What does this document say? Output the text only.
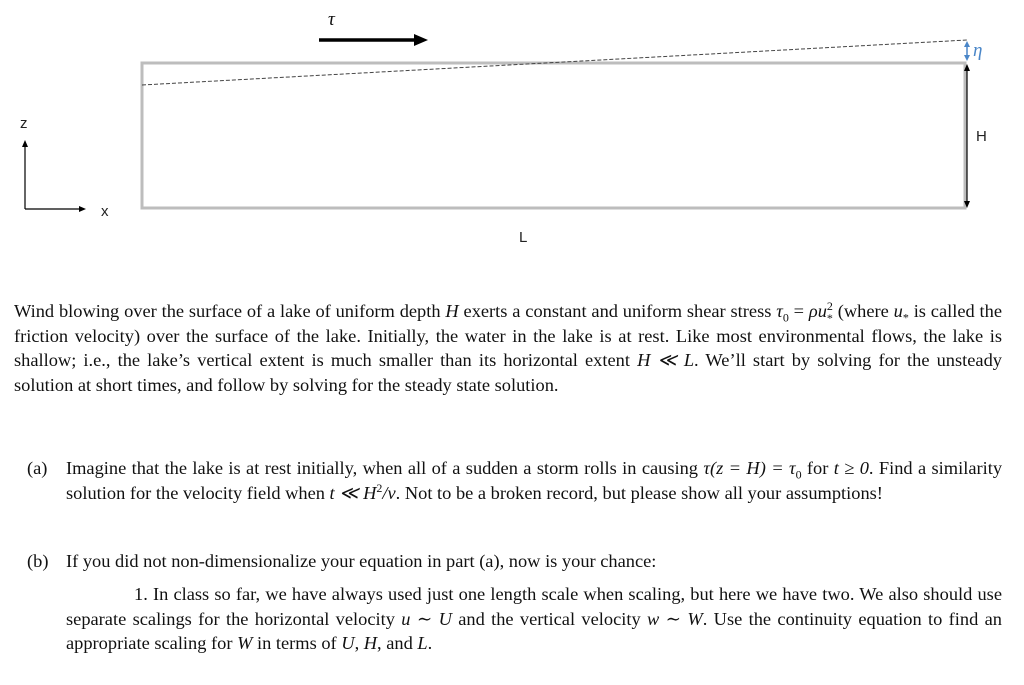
τ
η
H
L
z
x

Wind blowing over the surface of a lake of uniform depth H exerts a constant and uniform shear stress $\tau_0 = \rho u^2_*$ (where $u_*$ is called the friction velocity) over the surface of the lake. Initially, the water in the lake is at rest. Like most environmental flows, the lake is shallow; i.e., the lake’s vertical extent is much smaller than its horizontal extent H ≪ L. We’ll start by solving for the unsteady solution at short times, and follow by solving for the steady state solution.

(a) Imagine that the lake is at rest initially, when all of a sudden a storm rolls in causing $\tau(z = H) = \tau_0$ for t ≥ 0. Find a similarity solution for the velocity field when t ≪ $H^2/\nu$. Not to be a broken record, but please show all your assumptions!
(b) If you did not non-dimensionalize your equation in part (a), now is your chance:
1. In class so far, we have always used just one length scale when scaling, but here we have two. We also should use separate scalings for the horizontal velocity u ∼ U and the vertical velocity w ∼ W. Use the continuity equation to find an appropriate scaling for W in terms of U, H, and L.
